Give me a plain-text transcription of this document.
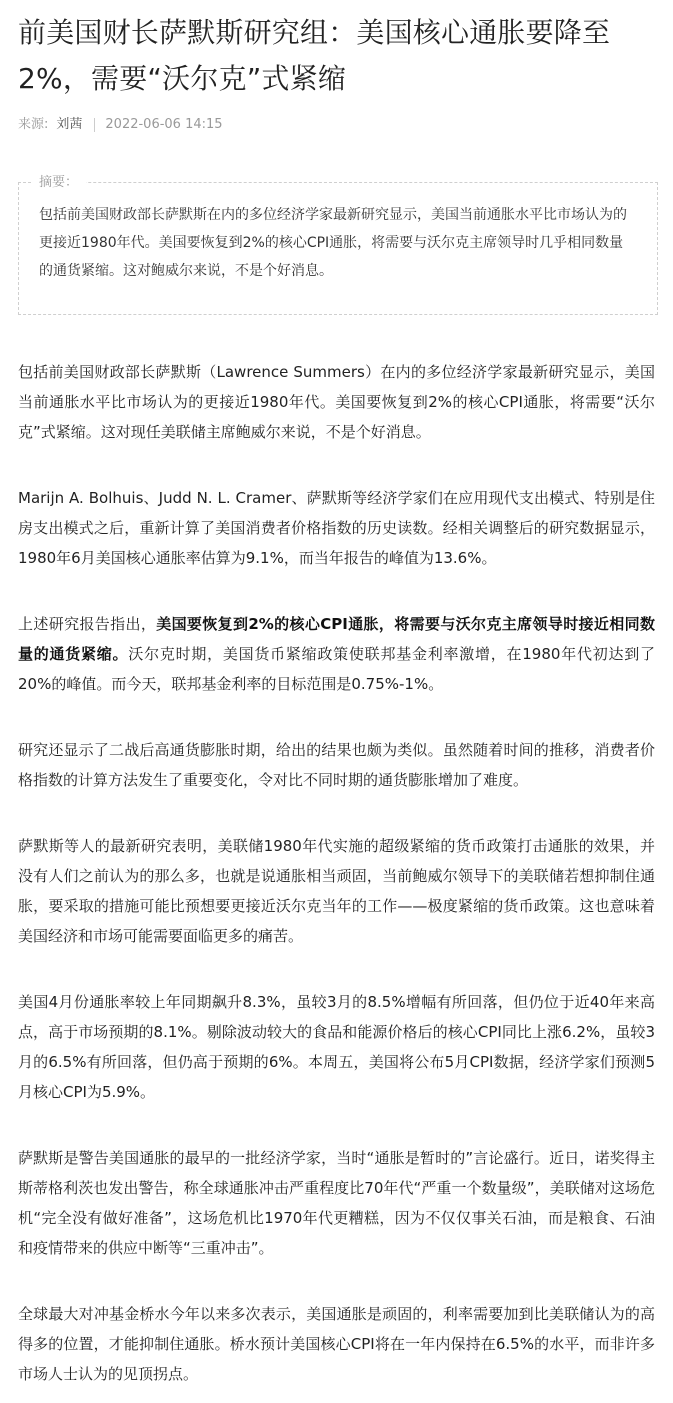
前美国财长萨默斯研究组：美国核心通胀要降至2%，需要“沃尔克”式紧缩
来源: 刘茜 2022-06-06 14:15
摘要：

包括前美国财政部长萨默斯在内的多位经济学家最新研究显示，美国当前通胀水平比市场认为的更接近1980年代。美国要恢复到2%的核心CPI通胀，将需要与沃尔克主席领导时几乎相同数量的通货紧缩。这对鲍威尔来说，不是个好消息。

包括前美国财政部长萨默斯（Lawrence Summers）在内的多位经济学家最新研究显示，美国当前通胀水平比市场认为的更接近1980年代。美国要恢复到2%的核心CPI通胀，将需要“沃尔克”式紧缩。这对现任美联储主席鲍威尔来说，不是个好消息。

Marijn A. Bolhuis、Judd N. L. Cramer、萨默斯等经济学家们在应用现代支出模式、特别是住房支出模式之后，重新计算了美国消费者价格指数的历史读数。经相关调整后的研究数据显示，1980年6月美国核心通胀率估算为9.1%，而当年报告的峰值为13.6%。

上述研究报告指出，美国要恢复到2%的核心CPI通胀，将需要与沃尔克主席领导时接近相同数量的通货紧缩。沃尔克时期，美国货币紧缩政策使联邦基金利率激增，在1980年代初达到了20%的峰值。而今天，联邦基金利率的目标范围是0.75%-1%。

研究还显示了二战后高通货膨胀时期，给出的结果也颇为类似。虽然随着时间的推移，消费者价格指数的计算方法发生了重要变化，令对比不同时期的通货膨胀增加了难度。

萨默斯等人的最新研究表明，美联储1980年代实施的超级紧缩的货币政策打击通胀的效果，并没有人们之前认为的那么多，也就是说通胀相当顽固，当前鲍威尔领导下的美联储若想抑制住通胀，要采取的措施可能比预想要更接近沃尔克当年的工作——极度紧缩的货币政策。这也意味着美国经济和市场可能需要面临更多的痛苦。

美国4月份通胀率较上年同期飙升8.3%，虽较3月的8.5%增幅有所回落，但仍位于近40年来高点，高于市场预期的8.1%。剔除波动较大的食品和能源价格后的核心CPI同比上涨6.2%，虽较3月的6.5%有所回落，但仍高于预期的6%。本周五，美国将公布5月CPI数据，经济学家们预测5月核心CPI为5.9%。

萨默斯是警告美国通胀的最早的一批经济学家，当时“通胀是暂时的”言论盛行。近日，诺奖得主斯蒂格利茨也发出警告，称全球通胀冲击严重程度比70年代“严重一个数量级”，美联储对这场危机“完全没有做好准备”，这场危机比1970年代更糟糕，因为不仅仅事关石油，而是粮食、石油和疫情带来的供应中断等“三重冲击”。

全球最大对冲基金桥水今年以来多次表示，美国通胀是顽固的，利率需要加到比美联储认为的高得多的位置，才能抑制住通胀。桥水预计美国核心CPI将在一年内保持在6.5%的水平，而非许多市场人士认为的见顶拐点。
